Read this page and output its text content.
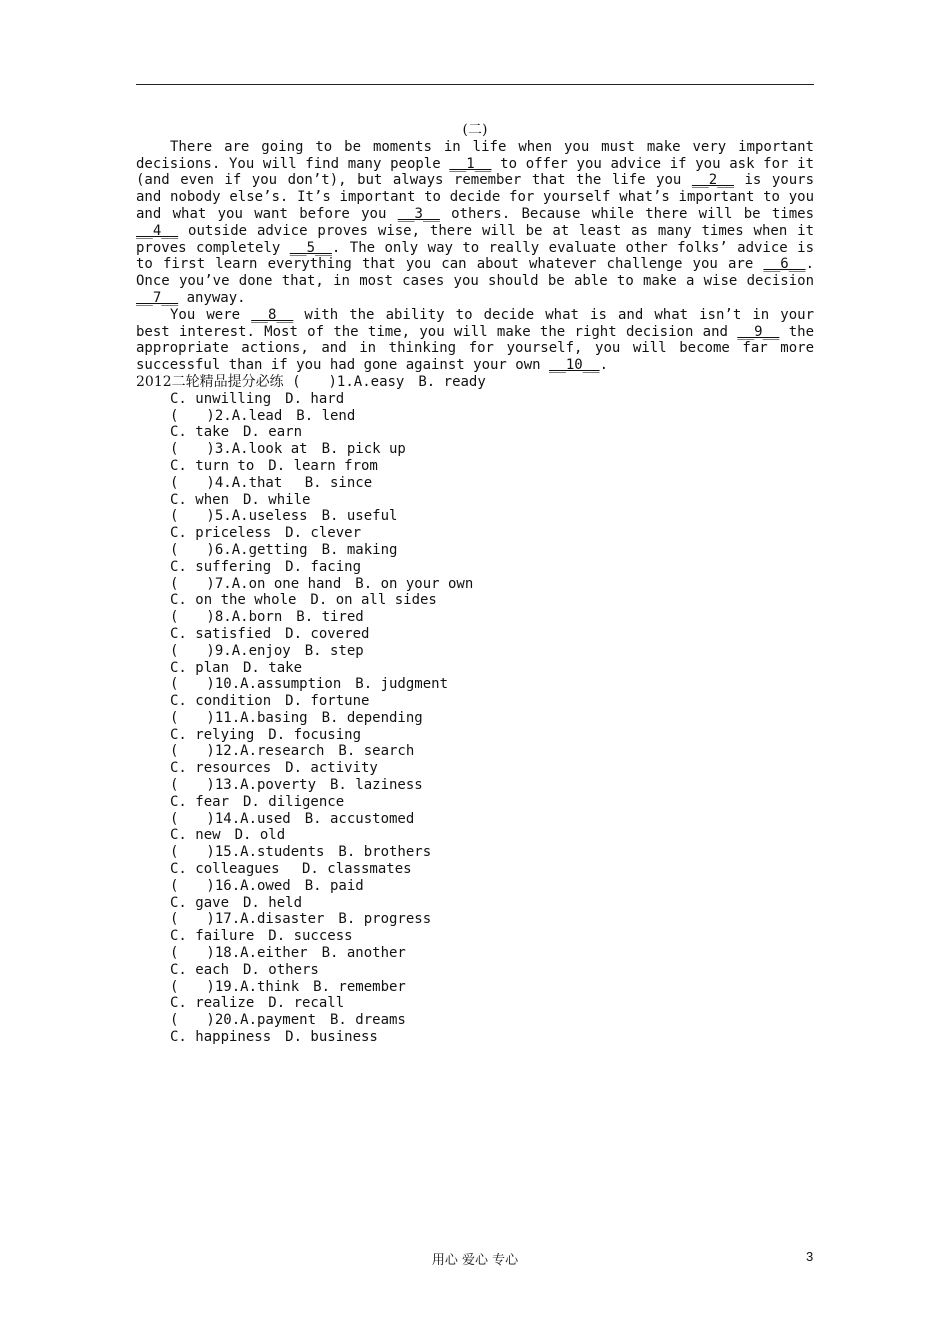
(二)

There are going to be moments in life when you must make very important decisions. You will find many people __1__ to offer you advice if you ask for it (and even if you don’t), but always remember that the life you __2__ is yours and nobody else’s. It’s important to decide for yourself what’s important to you and what you want before you __3__ others. Because while there will be times __4__ outside advice proves wise, there will be at least as many times when it proves completely __5__. The only way to really evaluate other folks’ advice is to first learn everything that you can about whatever challenge you are __6__. Once you’ve done that, in most cases you should be able to make a wise decision __7__ anyway.

You were __8__ with the ability to decide what is and what isn’t in your best interest. Most of the time, you will make the right decision and __9__ the appropriate actions, and in thinking for yourself, you will become far more successful than if you had gone against your own __10__.

2012二轮精品提分必练 (　　)1.A.easy　B. ready

C. unwilling　D. hard

(　　)2.A.lead　B. lend

C. take　D. earn

(　　)3.A.look at　B. pick up

C. turn to　D. learn from

(　　)4.A.that　 B. since

C. when　D. while

(　　)5.A.useless　B. useful

C. priceless　D. clever

(　　)6.A.getting　B. making

C. suffering　D. facing

(　　)7.A.on one hand　B. on your own

C. on the whole　D. on all sides

(　　)8.A.born　B. tired

C. satisfied　D. covered

(　　)9.A.enjoy　B. step

C. plan　D. take

(　　)10.A.assumption　B. judgment

C. condition　D. fortune

(　　)11.A.basing　B. depending

C. relying　D. focusing

(　　)12.A.research　B. search

C. resources　D. activity

(　　)13.A.poverty　B. laziness

C. fear　D. diligence

(　　)14.A.used　B. accustomed

C. new　D. old

(　　)15.A.students　B. brothers

C. colleagues　 D. classmates

(　　)16.A.owed　B. paid

C. gave　D. held

(　　)17.A.disaster　B. progress

C. failure　D. success

(　　)18.A.either　B. another

C. each　D. others

(　　)19.A.think　B. remember

C. realize　D. recall

(　　)20.A.payment　B. dreams

C. happiness　D. business

用心 爱心 专心	3
